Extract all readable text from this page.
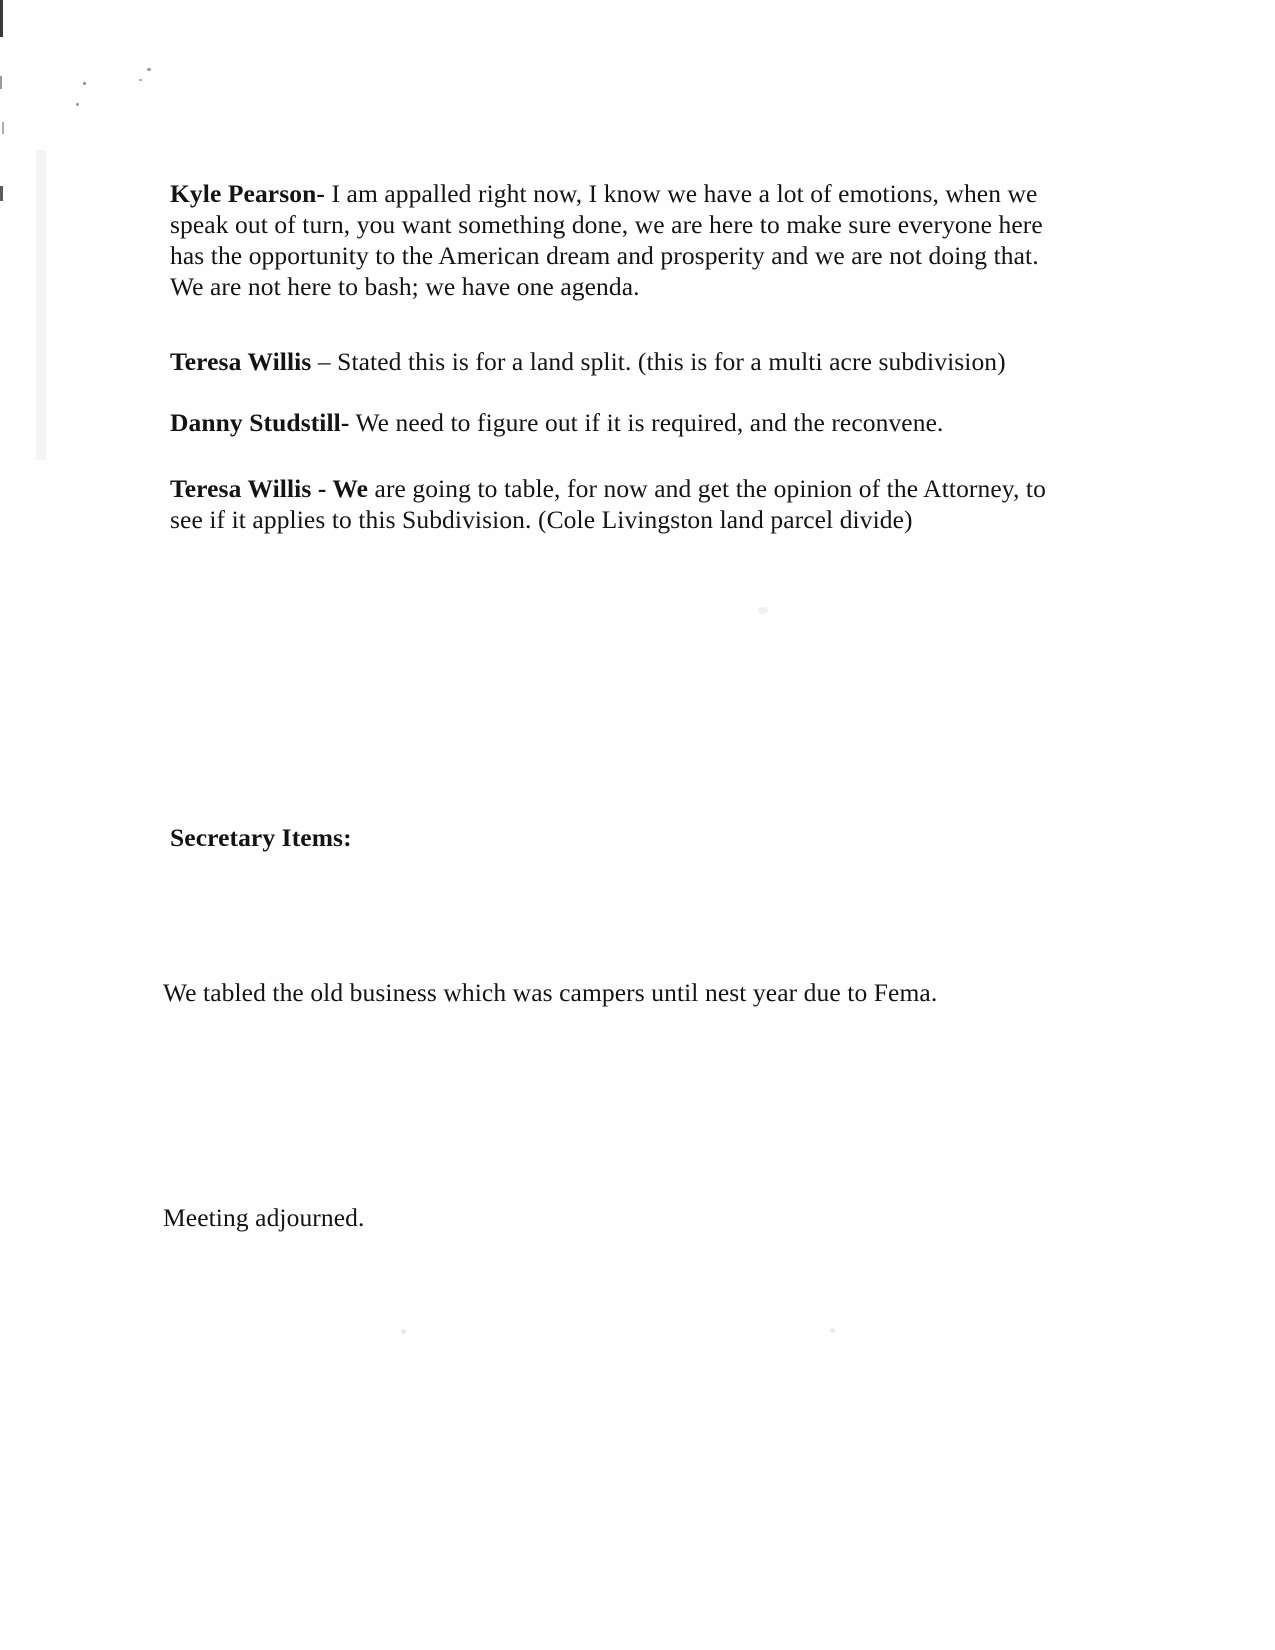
Kyle Pearson- I am appalled right now, I know we have a lot of emotions, when we speak out of turn, you want something done, we are here to make sure everyone here has the opportunity to the American dream and prosperity and we are not doing that. We are not here to bash; we have one agenda.

Teresa Willis – Stated this is for a land split. (this is for a multi acre subdivision)

Danny Studstill- We need to figure out if it is required, and the reconvene.

Teresa Willis - We are going to table, for now and get the opinion of the Attorney, to see if it applies to this Subdivision. (Cole Livingston land parcel divide)

Secretary Items:

We tabled the old business which was campers until nest year due to Fema.

Meeting adjourned.
